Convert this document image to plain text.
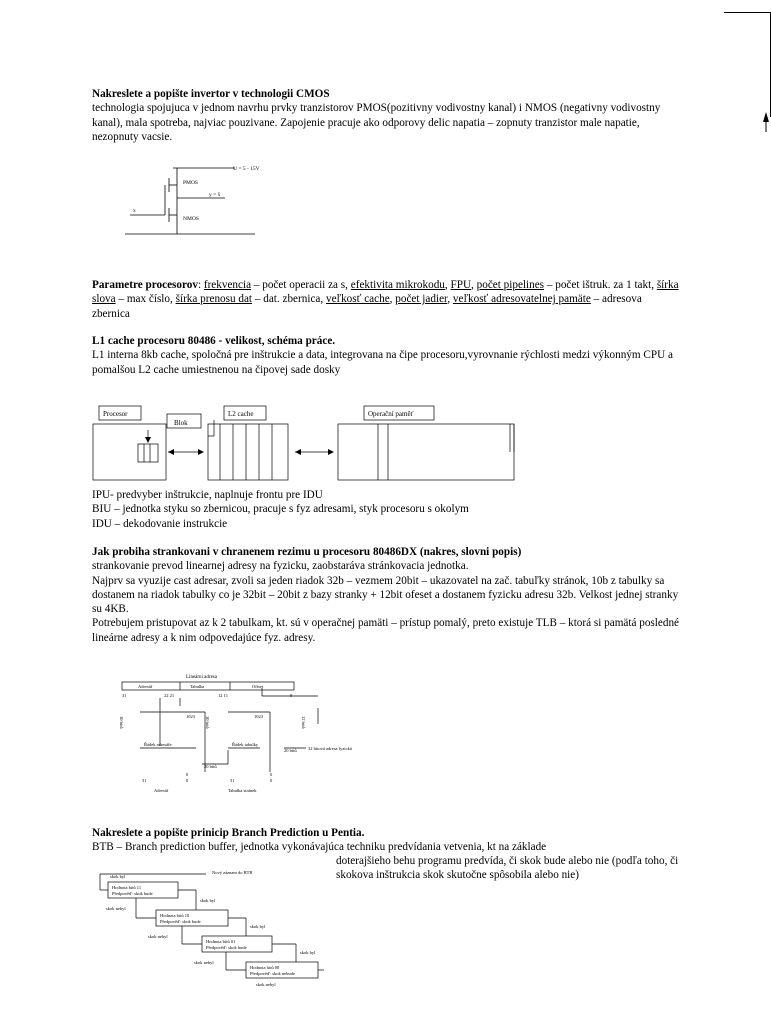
Nakreslete a popište invertor v technologii CMOS

technologia spojujuca v jednom navrhu prvky tranzistorov PMOS(pozitivny vodivostny kanal) i NMOS (negativny vodivostny kanal), mala spotreba, najviac pouzivane. Zapojenie pracuje ako odporovy delic napatia – zopnuty tranzistor male napatie, nezopnuty vacsie.

U = 5 - 15V
PMOS
y = x̄
NMOS
x

Parametre procesorov: frekvencia – počet operacii za s, efektivita mikrokodu, FPU, počet pipelines – počet ištruk. za 1 takt, šírka slova – max číslo, šírka prenosu dat – dat. zbernica, veľkosť cache, počet jadier, veľkosť adresovatelnej pamäte – adresova zbernica

L1 cache procesoru 80486 - velikost, schéma práce.

L1 interna 8kb cache, spoločná pre inštrukcie a data, integrovana na čipe procesoru,vyrovnanie rýchlosti medzi výkonným CPU a pomalšou L2 cache umiestnenou na čipovej sade dosky

Procesor
Blok
L2 cache	Operační paměť

IPU- predvyber inštrukcie, naplnuje frontu pre IDU

BIU – jednotka styku so zbernicou, pracuje s fyz adresami, styk procesoru s okolym

IDU – dekodovanie instrukcie

Jak probiha strankovani v chranenem rezimu u procesoru 80486DX (nakres, slovni popis)

strankovanie prevod linearnej adresy na fyzicku, zaobstaráva stránkovacia jednotka.

Najprv sa vyuzije cast adresar, zvoli sa jeden riadok 32b – vezmem 20bit – ukazovatel na zač. tabuľky stránok, 10b z tabulky sa dostanem na riadok tabulky co je 32bit – 20bit z bazy stranky + 12bit ofeset a dostanem fyzicku adresu 32b. Velkost jednej stranky su 4KB.

Potrebujem pristupovat az k 2 tabulkam, kt. sú v operačnej pamäti – prístup pomalý, preto existuje TLB – ktorá si pamätá posledné lineárne adresy a k nim odpovedajúce fyz. adresy.

Lineární adresa
Adresář	Tabulka	Offset
31	22 21	12 11	0
10 bitů	10 bitů	12 bitů
1023	1023
Řádek adresáře	Řádek tabulky
20 bitů
20 bitů
32 bitová adresa fyzická
0	0
31	0	31	0
Adresář	Tabulka stránek

Nakreslete a popište prinicip Branch Prediction u Pentia.

BTB – Branch prediction buffer, jednotka vykonávajúca techniku predvídania vetvenia, kt na základe

doterajšieho behu programu predvída, či skok bude alebo nie (podľa toho, či skokova inštrukcia skok skutočne spôsobila alebo nie)

Nový záznam do BTB
Hodnota bitů 11
Předpověď: skok bude
Hodnota bitů 10
Předpověď: skok bude
Hodnota bitů 01
Předpověď: skok bude
Hodnota bitů 00
Předpověď: skok nebude
skok byl
skok byl
skok byl
skok byl
skok nebyl
skok nebyl
skok nebyl
skok nebyl
